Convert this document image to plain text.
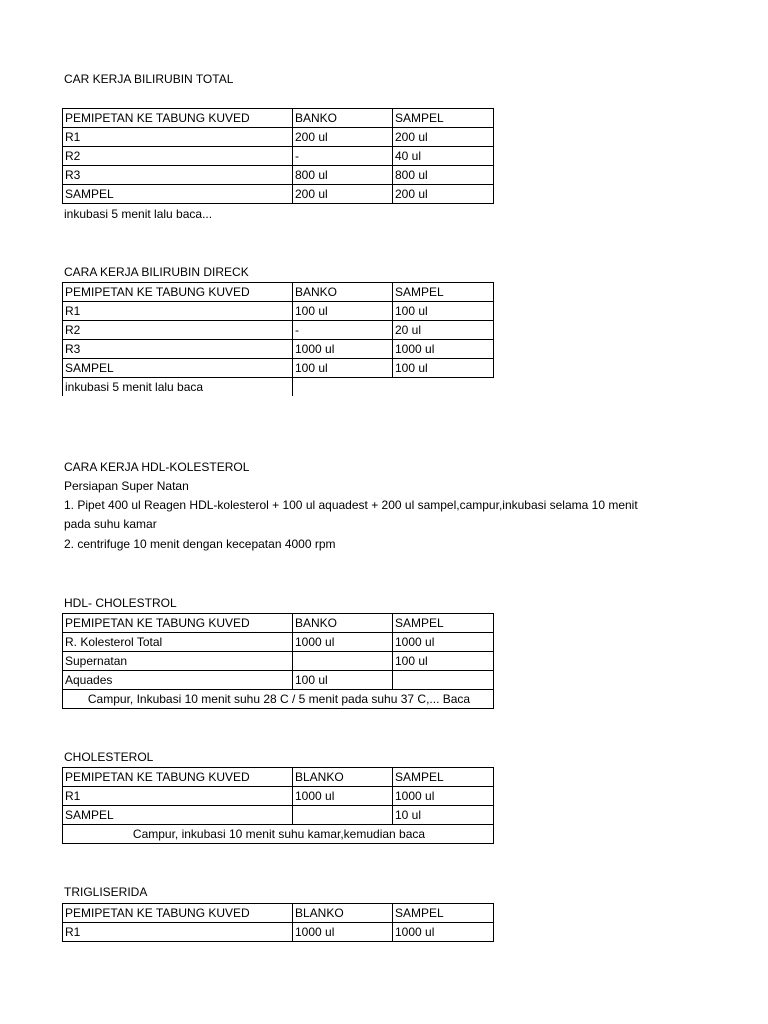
CAR KERJA BILIRUBIN TOTAL
PEMIPETAN KE TABUNG KUVED	BANKO	SAMPEL
R1	200 ul	200 ul
R2	-	40 ul
R3	800 ul	800 ul
SAMPEL	200 ul	200 ul
inkubasi 5 menit lalu baca...
CARA KERJA BILIRUBIN DIRECK
PEMIPETAN KE TABUNG KUVED	BANKO	SAMPEL
R1	100 ul	100 ul
R2	-	20 ul
R3	1000 ul	1000 ul
SAMPEL	100 ul	100 ul
inkubasi 5 menit lalu baca		
CARA KERJA HDL-KOLESTEROL
Persiapan Super Natan
1. Pipet 400 ul Reagen HDL-kolesterol + 100 ul aquadest + 200 ul sampel,campur,inkubasi selama 10 menit
pada suhu kamar
2. centrifuge 10 menit dengan kecepatan 4000 rpm
HDL- CHOLESTROL
PEMIPETAN KE TABUNG KUVED	BANKO	SAMPEL
R. Kolesterol Total	1000 ul	1000 ul
Supernatan		100 ul
Aquades	100 ul	
Campur, Inkubasi 10 menit suhu 28 C / 5 menit pada suhu 37 C,... Baca		
CHOLESTEROL
PEMIPETAN KE TABUNG KUVED	BLANKO	SAMPEL
R1	1000 ul	1000 ul
SAMPEL		10 ul
Campur, inkubasi 10 menit suhu kamar,kemudian baca		
TRIGLISERIDA
PEMIPETAN KE TABUNG KUVED	BLANKO	SAMPEL
R1	1000 ul	1000 ul
